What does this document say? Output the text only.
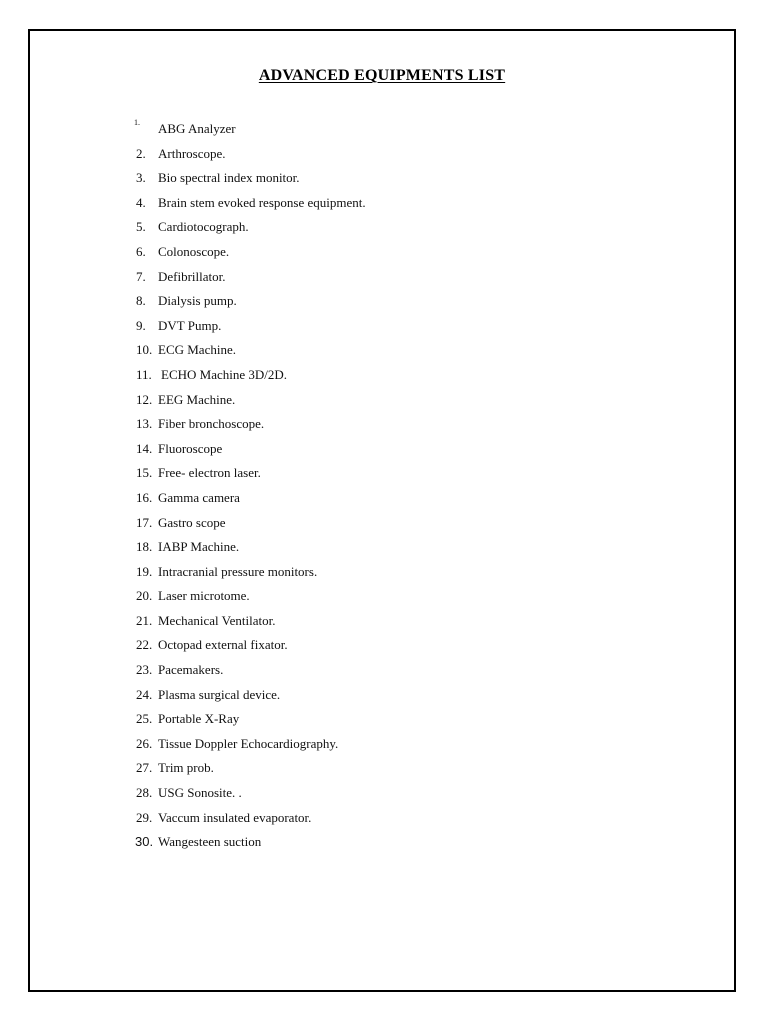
ADVANCED EQUIPMENTS LIST
1. ABG Analyzer
2. Arthroscope.
3. Bio spectral index monitor.
4. Brain stem evoked response equipment.
5. Cardiotocograph.
6. Colonoscope.
7. Defibrillator.
8. Dialysis pump.
9. DVT Pump.
10. ECG Machine.
11. ECHO Machine 3D/2D.
12. EEG Machine.
13. Fiber bronchoscope.
14. Fluoroscope
15. Free- electron laser.
16. Gamma camera
17. Gastro scope
18. IABP Machine.
19. Intracranial pressure monitors.
20. Laser microtome.
21. Mechanical Ventilator.
22. Octopad external fixator.
23. Pacemakers.
24. Plasma surgical device.
25. Portable X-Ray
26. Tissue Doppler Echocardiography.
27. Trim prob.
28. USG Sonosite. .
29. Vaccum insulated evaporator.
30. Wangesteen suction
